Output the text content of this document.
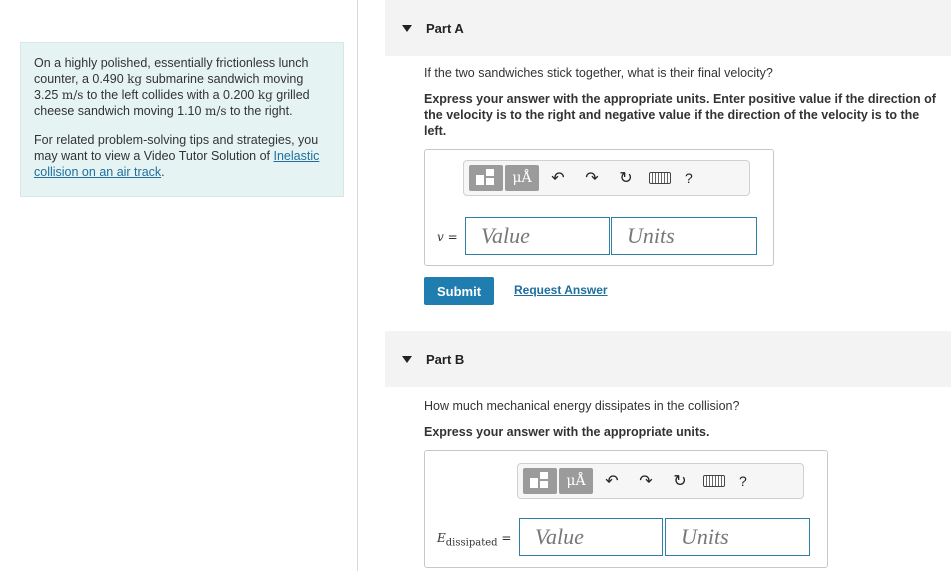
On a highly polished, essentially frictionless lunch counter, a 0.490 kg submarine sandwich moving 3.25 m/s to the left collides with a 0.200 kg grilled cheese sandwich moving 1.10 m/s to the right.

For related problem-solving tips and strategies, you may want to view a Video Tutor Solution of Inelastic collision on an air track.

Part A
If the two sandwiches stick together, what is their final velocity?
Express your answer with the appropriate units. Enter positive value if the direction of the velocity is to the right and negative value if the direction of the velocity is to the left.
μÅ	↶	↷	↻	?
v =	Value	Units
Submit	Request Answer
Part B
How much mechanical energy dissipates in the collision?
Express your answer with the appropriate units.
μÅ	↶	↷	↻	?
$E_{dissipated}$ =	Value	Units
